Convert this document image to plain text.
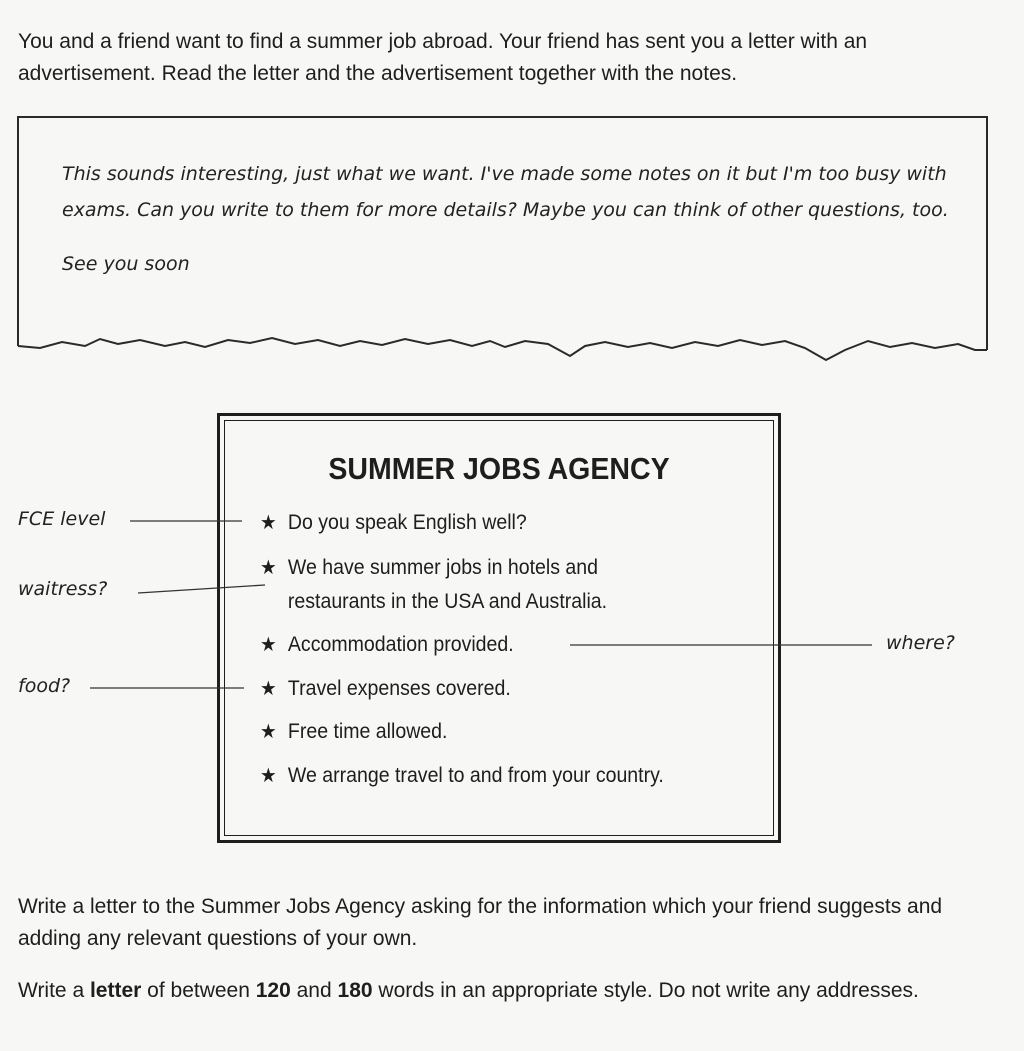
You and a friend want to find a summer job abroad. Your friend has sent you a letter with an advertisement. Read the letter and the advertisement together with the notes.

This sounds interesting, just what we want. I've made some notes on it but I'm too busy with exams. Can you write to them for more details? Maybe you can think of other questions, too.

See you soon

SUMMER JOBS AGENCY
★ Do you speak English well?
★ We have summer jobs in hotels and restaurants in the USA and Australia.
★ Accommodation provided.
★ Travel expenses covered.
★ Free time allowed.
★ We arrange travel to and from your country.
FCE level
waitress?
food?
where?

Write a letter to the Summer Jobs Agency asking for the information which your friend suggests and adding any relevant questions of your own.

Write a letter of between 120 and 180 words in an appropriate style. Do not write any addresses.
